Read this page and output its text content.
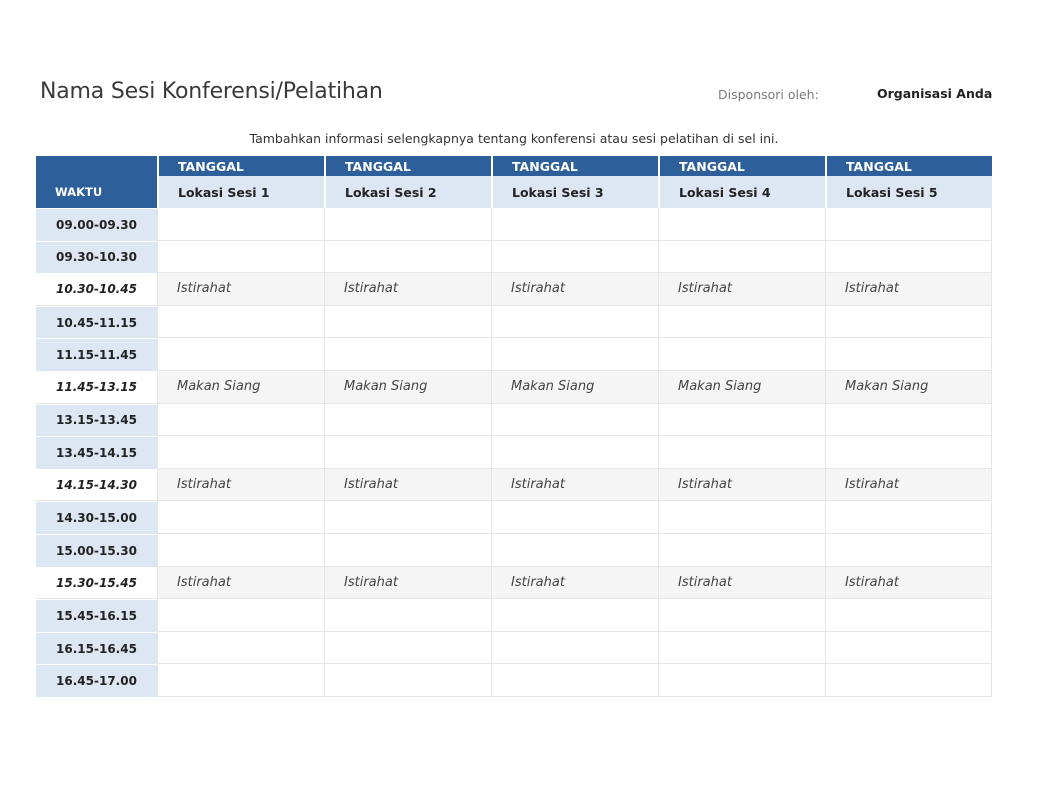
Nama Sesi Konferensi/Pelatihan	Disponsori oleh:	Organisasi Anda
Tambahkan informasi selengkapnya tentang konferensi atau sesi pelatihan di sel ini.
TANGGAL	TANGGAL	TANGGAL	TANGGAL	TANGGAL
WAKTU	Lokasi Sesi 1	Lokasi Sesi 2	Lokasi Sesi 3	Lokasi Sesi 4	Lokasi Sesi 5
09.00-09.30
09.30-10.30
10.30-10.45	Istirahat	Istirahat	Istirahat	Istirahat	Istirahat
10.45-11.15
11.15-11.45
11.45-13.15	Makan Siang	Makan Siang	Makan Siang	Makan Siang	Makan Siang
13.15-13.45
13.45-14.15
14.15-14.30	Istirahat	Istirahat	Istirahat	Istirahat	Istirahat
14.30-15.00
15.00-15.30
15.30-15.45	Istirahat	Istirahat	Istirahat	Istirahat	Istirahat
15.45-16.15
16.15-16.45
16.45-17.00
